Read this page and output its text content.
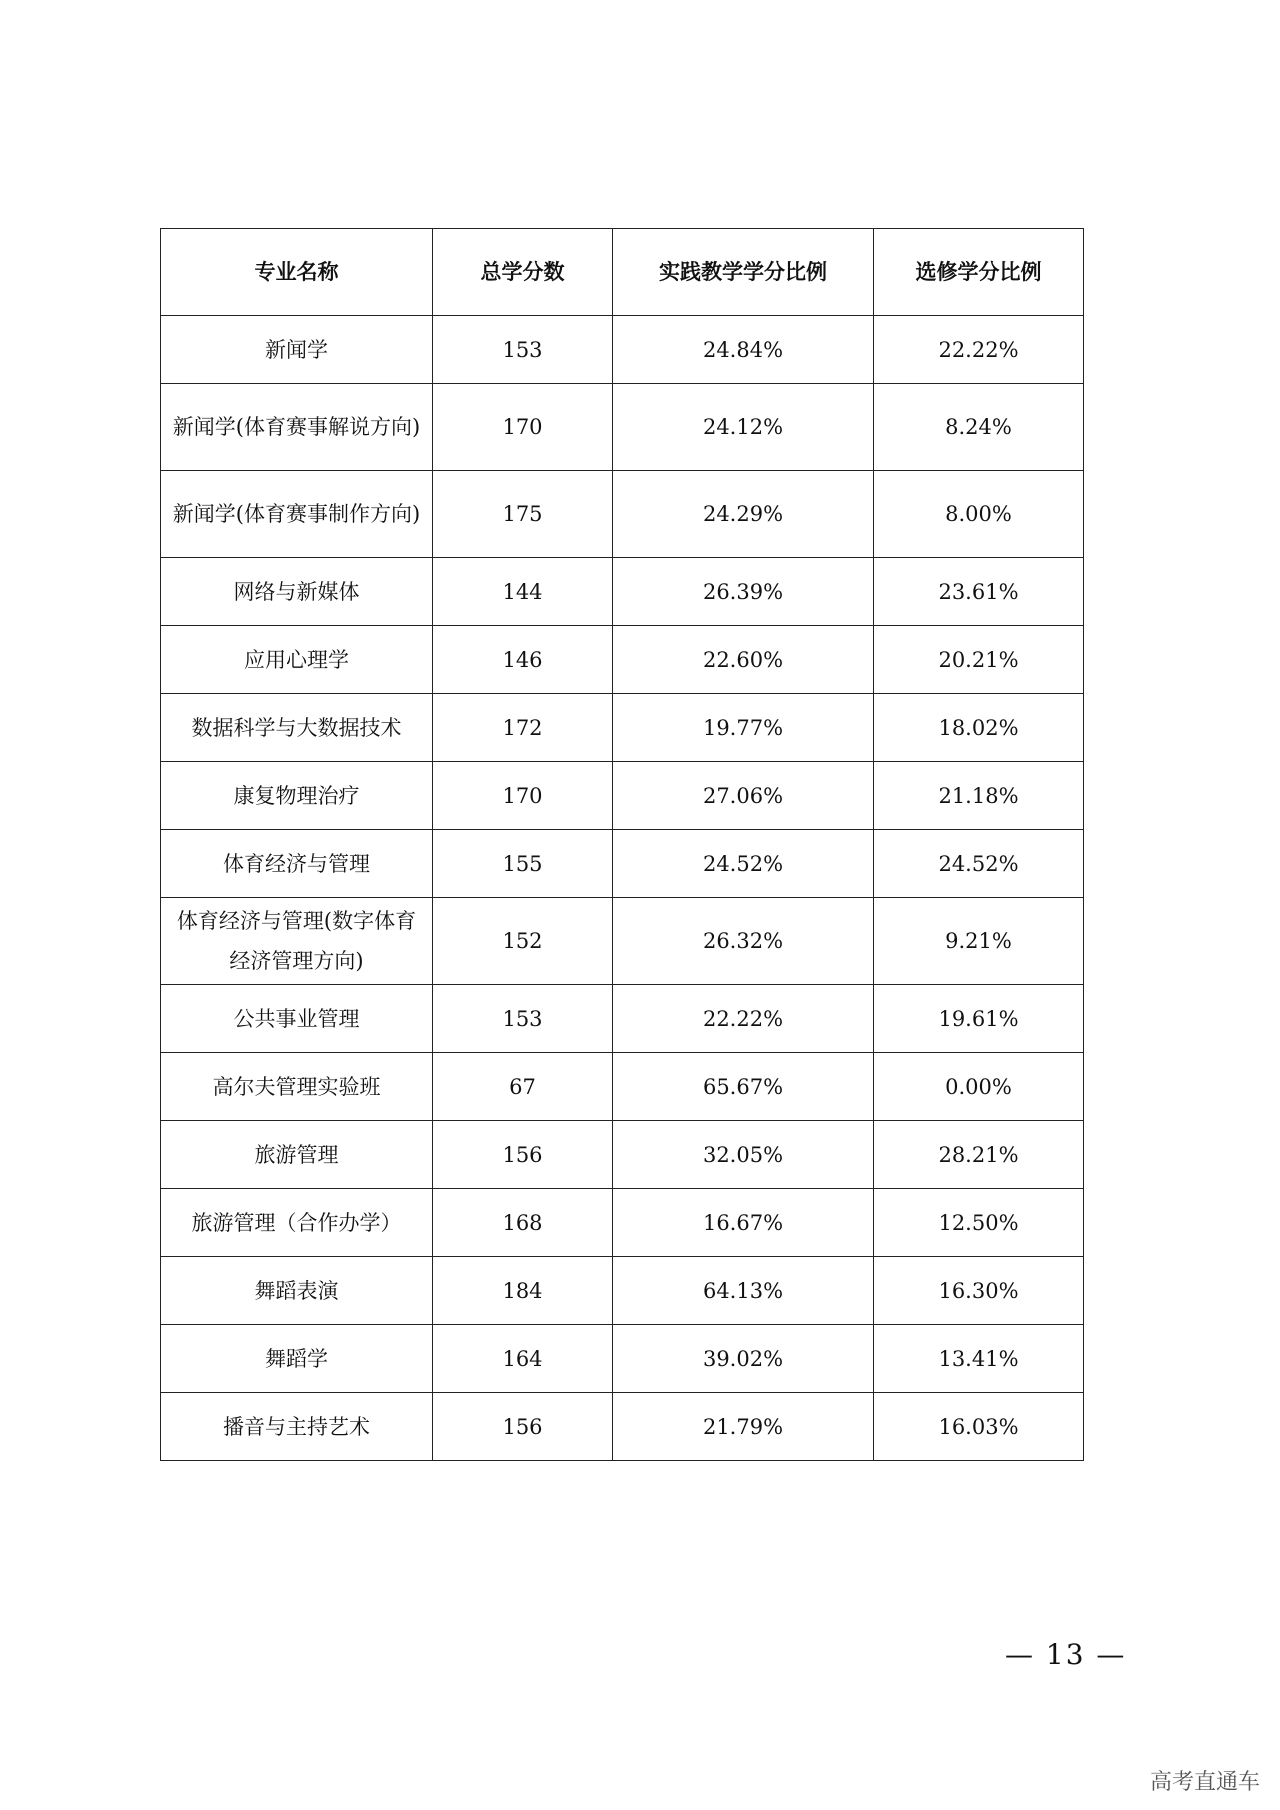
专业名称	总学分数	实践教学学分比例	选修学分比例
新闻学	153	24.84%	22.22%
新闻学(体育赛事解说方向)	170	24.12%	8.24%
新闻学(体育赛事制作方向)	175	24.29%	8.00%
网络与新媒体	144	26.39%	23.61%
应用心理学	146	22.60%	20.21%
数据科学与大数据技术	172	19.77%	18.02%
康复物理治疗	170	27.06%	21.18%
体育经济与管理	155	24.52%	24.52%
体育经济与管理(数字体育经济管理方向)	152	26.32%	9.21%
公共事业管理	153	22.22%	19.61%
高尔夫管理实验班	67	65.67%	0.00%
旅游管理	156	32.05%	28.21%
旅游管理（合作办学）	168	16.67%	12.50%
舞蹈表演	184	64.13%	16.30%
舞蹈学	164	39.02%	13.41%
播音与主持艺术	156	21.79%	16.03%
— 13 —
高考直通车
